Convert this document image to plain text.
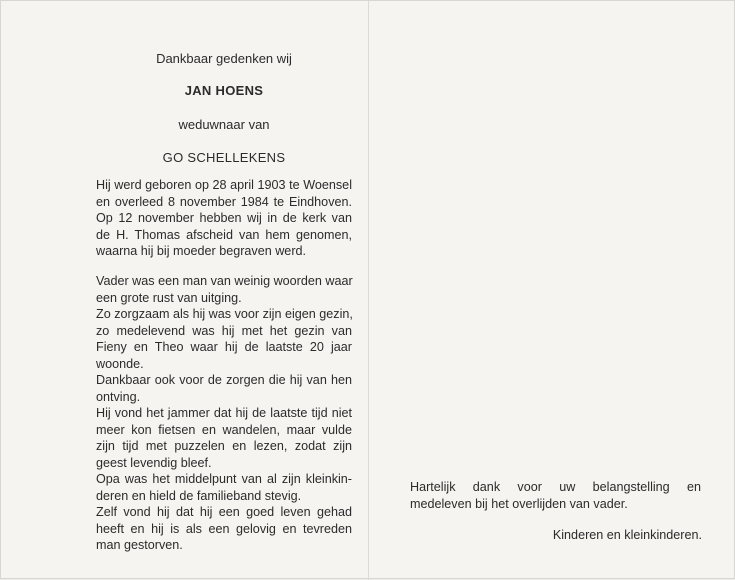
Dankbaar gedenken wij
JAN HOENS
weduwnaar van
GO SCHELLEKENS
Hij werd geboren op 28 april 1903 te Woensel
en overleed 8 november 1984 te Eindhoven.
Op 12 november hebben wij in de kerk van
de H. Thomas afscheid van hem genomen,
waarna hij bij moeder begraven werd.
Vader was een man van weinig woorden waar
een grote rust van uitging.
Zo zorgzaam als hij was voor zijn eigen gezin,
zo medelevend was hij met het gezin van
Fieny en Theo waar hij de laatste 20 jaar
woonde.
Dankbaar ook voor de zorgen die hij van hen
ontving.
Hij vond het jammer dat hij de laatste tijd niet
meer kon fietsen en wandelen, maar vulde
zijn tijd met puzzelen en lezen, zodat zijn
geest levendig bleef.
Opa was het middelpunt van al zijn kleinkin-
deren en hield de familieband stevig.
Zelf vond hij dat hij een goed leven gehad
heeft en hij is als een gelovig en tevreden
man gestorven.
Hartelijk dank voor uw belangstelling en
medeleven bij het overlijden van vader.
Kinderen en kleinkinderen.
